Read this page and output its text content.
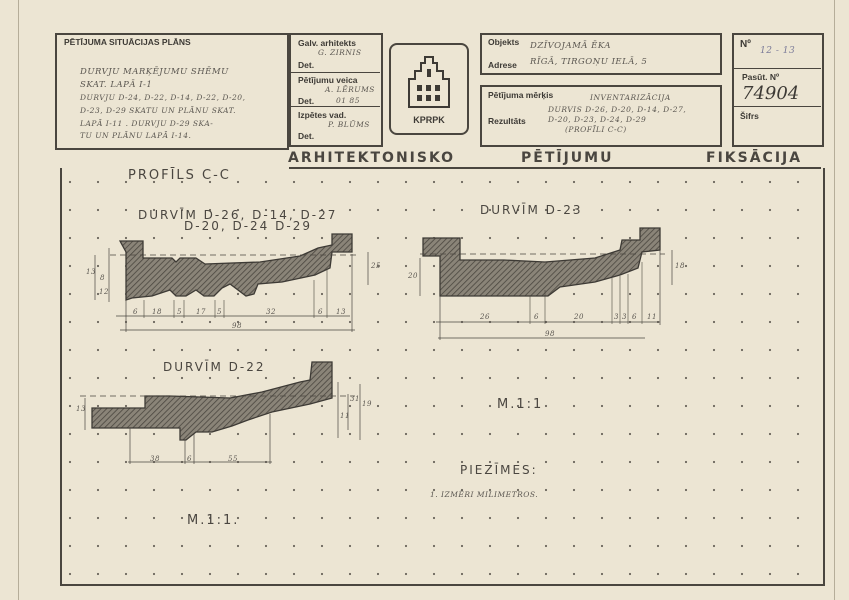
PĒTĪJUMA SITUĀCIJAS PLĀNS
DURVJU MARĶĒJUMU SHĒMU
SKAT. LAPĀ I-1
DURVJU D-24, D-22, D-14, D-22, D-20,
D-23, D-29 SKATU UN PLĀNU SKAT.
LAPĀ I-11 . DURVJU D-29 SKA-
TU UN PLĀNU LAPĀ I-14.
Galv. arhitekts
G. ZIRNIS
Det.
Pētījumu veica
A. LĒRUMS
Det.	01 85
Izpētes vad.
P. BLŪMS
Det.
KPRPK
Objekts DZĪVOJAMĀ ĒKA
Adrese RĪGĀ, TIRGOŅU IELĀ, 5
Pētījuma mērķis	INVENTARIZĀCIJA
Rezultāts
DURVIS D-26, D-20, D-14, D-27,
D-20, D-23, D-24, D-29
(PROFĪLI C-C)
Nº
12 - 13
Pasūt. Nº
74904
Šifrs
ARHITEKTONISKO	PĒTĪJUMU	FIKSĀCIJA
6 18 5 17 5	32	6 13
98
13
12
8
25
26	6	20	3 3 6 11
98
20
18
38	6	55
13
11
31
19
PROFĪLS C-C
DURVĪM D-26, D-14, D-27
D-20, D-24 D-29
DURVĪM D-23
DURVĪM D-22
M.1:1
M.1:1.
PIEZĪMES:
1. IZMĒRI MILIMETROS.
